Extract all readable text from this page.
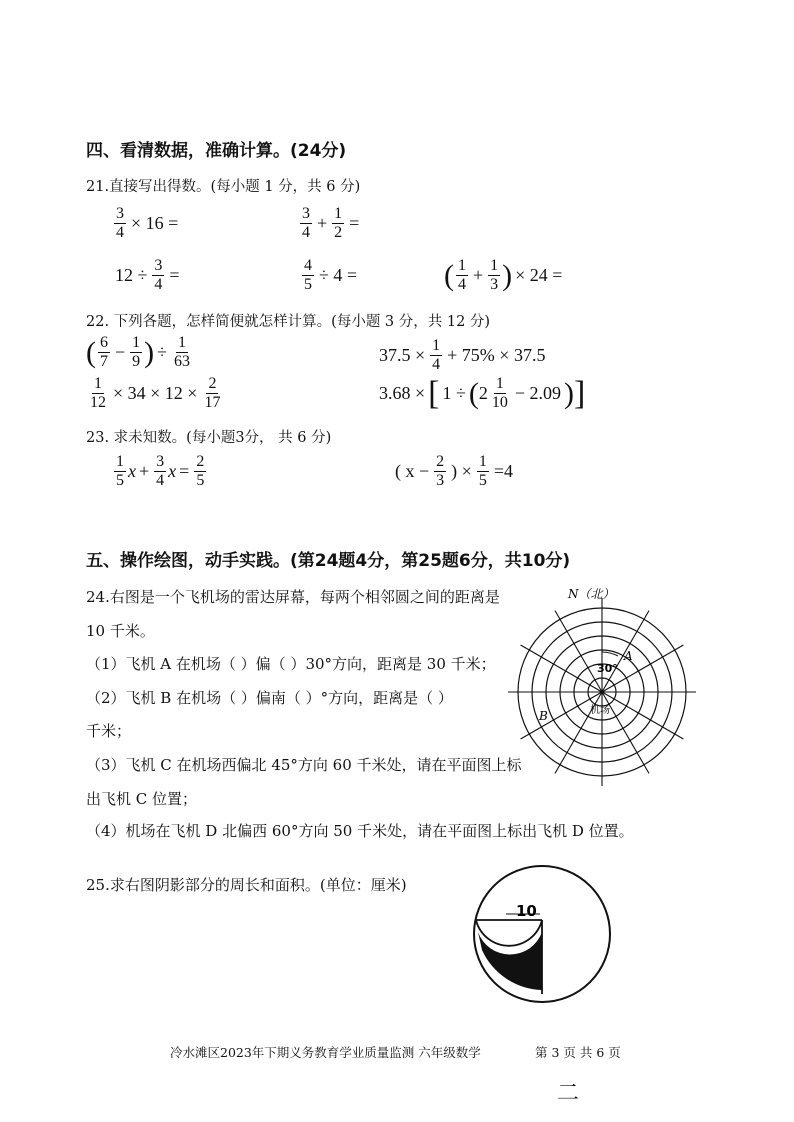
四、看清数据，准确计算。(24分)
21.直接写出得数。(每小题 1 分，共 6 分)
$\frac{3}{4} \times 16$ =	$\frac{3}{4} + \frac{1}{2}$ =
$12 \div \frac{3}{4}$ =	$\frac{4}{5} \div 4$ =	( $\frac{1}{4} + \frac{1}{3}$ ) × 24 =
22. 下列各题，怎样简便就怎样计算。(每小题 3 分，共 12 分)
( $\frac{6}{7} - \frac{1}{9}$ ) ÷ $\frac{1}{63}$	$37.5 \times \frac{1}{4} + 75\% \times 37.5$
$\frac{1}{12} \times 34 \times 12 \times \frac{2}{17}$	3.68 × [ 1 ÷ ( $2 \frac{1}{10} - 2.09$ ) ]
23. 求未知数。(每小题3分， 共 6 分)
$\frac{1}{5}$ $x + \frac{3}{4}$ $x = \frac{2}{5}$	( $x - \frac{2}{3}$ ) × $\frac{1}{5} =4$
五、操作绘图，动手实践。(第24题4分，第25题6分，共10分)
24.右图是一个飞机场的雷达屏幕，每两个相邻圆之间的距离是
10 千米。
（1）飞机 A 在机场（ ）偏（ ）30°方向，距离是 30 千米；
（2）飞机 B 在机场（ ）偏南（ ）°方向，距离是（ ）
千米；
（3）飞机 C 在机场西偏北 45°方向 60 千米处，请在平面图上标
出飞机 C 位置；
（4）机场在飞机 D 北偏西 60°方向 50 千米处，请在平面图上标出飞机 D 位置。
N（北）
30°
A
B	机场
25.求右图阴影部分的周长和面积。(单位：厘米)
10
冷水滩区2023年下期义务教育学业质量监测 六年级数学	第 3 页 共 6 页
二
